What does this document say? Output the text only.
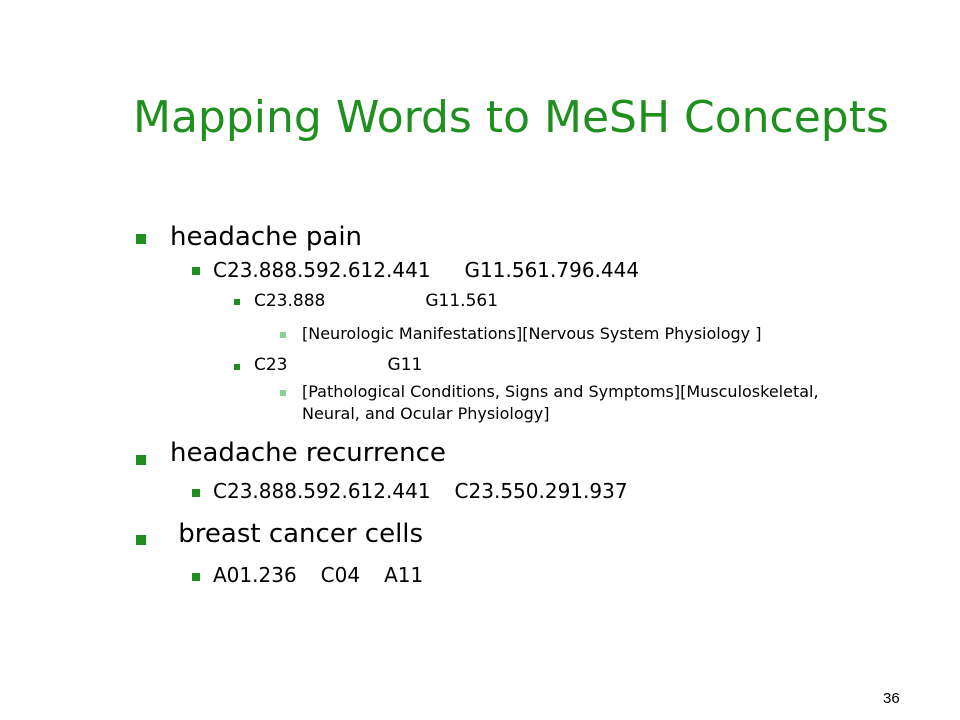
Mapping Words to MeSH Concepts
headache pain
C23.888.592.612.441 G11.561.796.444
C23.888	G11.561
[Neurologic Manifestations][Nervous System Physiology ]
C23	G11
[Pathological Conditions, Signs and Symptoms][Musculoskeletal,
Neural, and Ocular Physiology]
headache recurrence
C23.888.592.612.441 C23.550.291.937
breast cancer cells
A01.236 C04 A11
36
